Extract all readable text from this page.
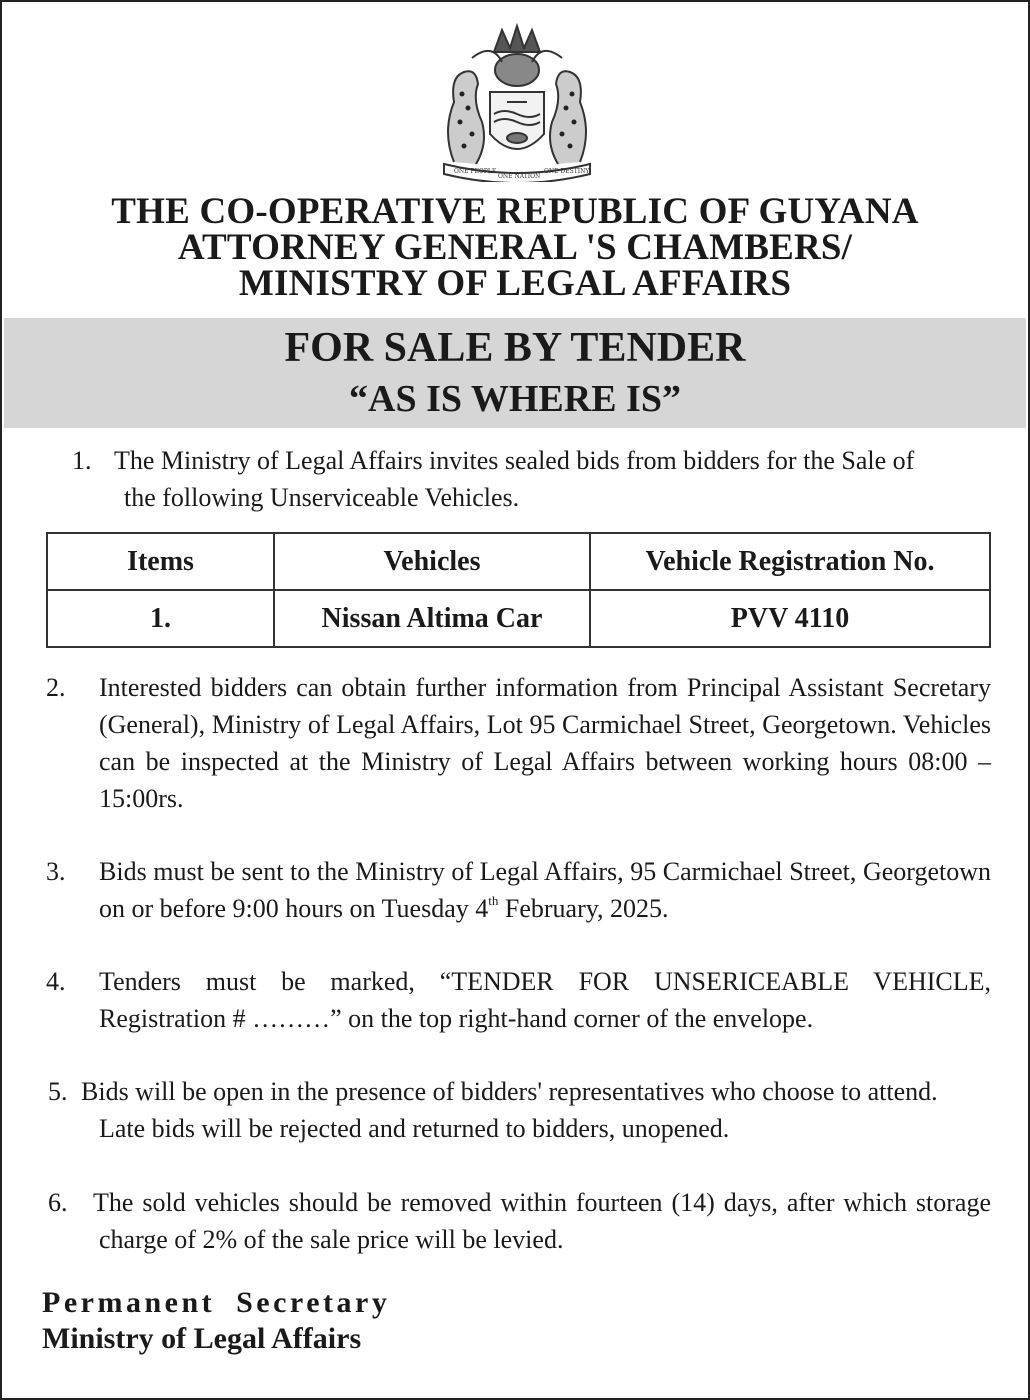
ONE PEOPLE
ONE NATION
ONE DESTINY
THE CO-OPERATIVE REPUBLIC OF GUYANA
ATTORNEY GENERAL 'S CHAMBERS/
MINISTRY OF LEGAL AFFAIRS
FOR SALE BY TENDER
“AS IS WHERE IS”
1. The Ministry of Legal Affairs invites sealed bids from bidders for the Sale of
the following Unserviceable Vehicles.
Items	Vehicles	Vehicle Registration No.
1.	Nissan Altima Car	PVV 4110
2.	Interested bidders can obtain further information from Principal Assistant Secretary (General), Ministry of Legal Affairs, Lot 95 Carmichael Street, Georgetown. Vehicles can be inspected at the Ministry of Legal Affairs between working hours 08:00 – 15:00rs.
3.	Bids must be sent to the Ministry of Legal Affairs, 95 Carmichael Street, Georgetown on or before 9:00 hours on Tuesday 4th February, 2025.
4.	Tenders must be marked, “TENDER FOR UNSERICEABLE VEHICLE, Registration # ………” on the top right-hand corner of the envelope.
5. Bids will be open in the presence of bidders' representatives who choose to attend.
Late bids will be rejected and returned to bidders, unopened.
6. The sold vehicles should be removed within fourteen (14) days, after which storage charge of 2% of the sale price will be levied.
Permanent Secretary
Ministry of Legal Affairs
